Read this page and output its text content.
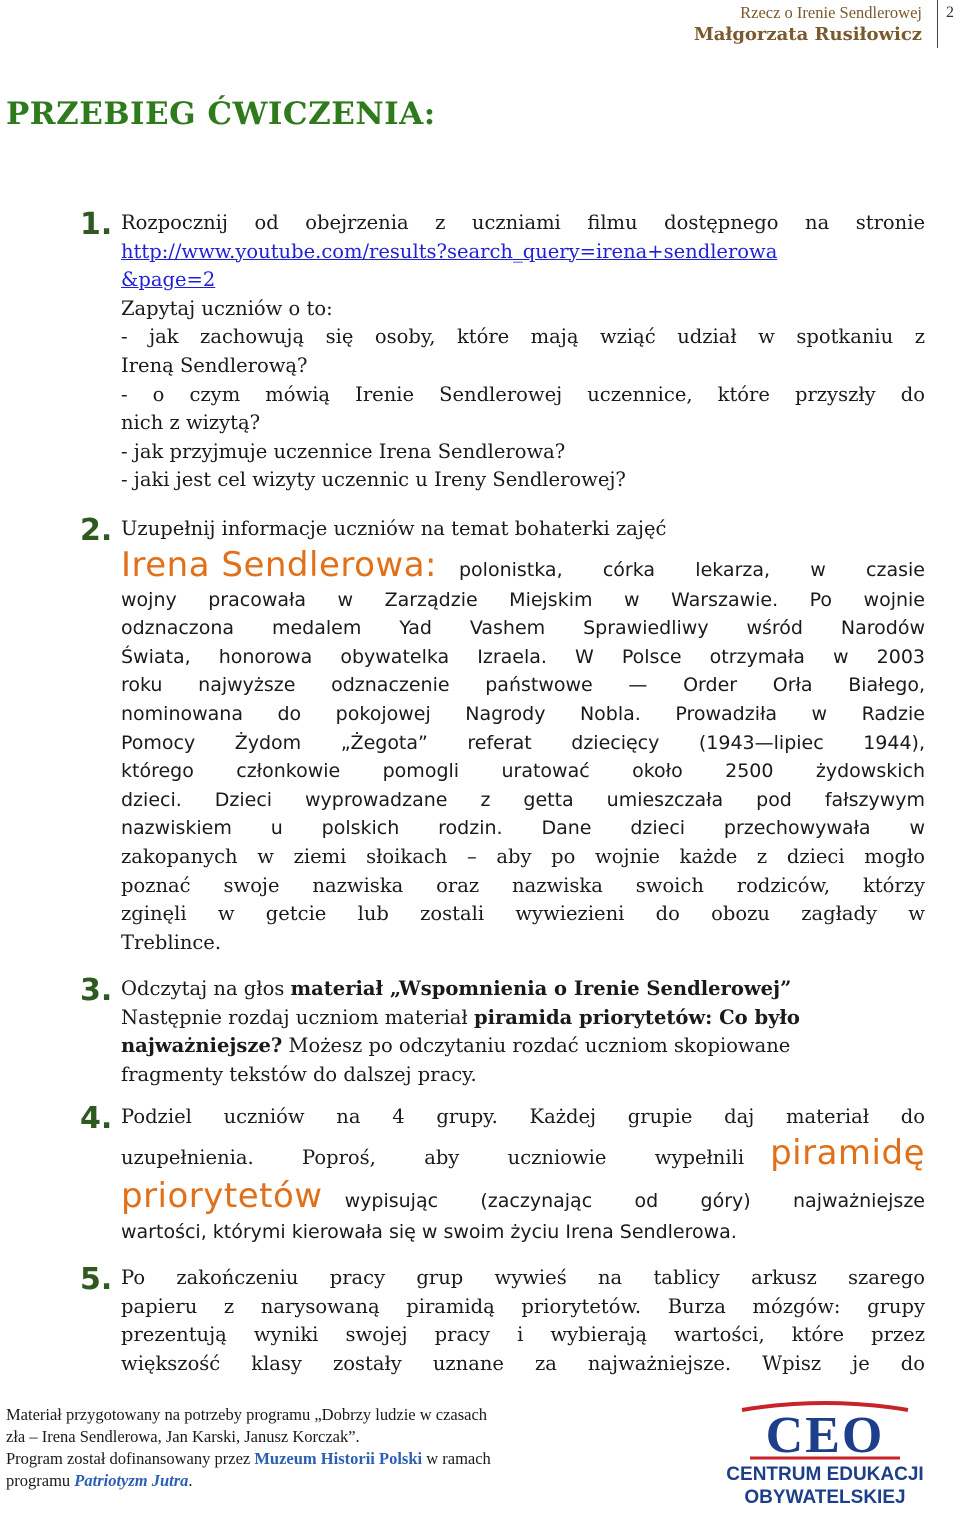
Rzecz o Irenie Sendlerowej
Małgorzata Rusiłowicz
2
PRZEBIEG ĆWICZENIA:
1. Rozpocznij od obejrzenia z uczniami filmu dostępnego na stronie
http://www.youtube.com/results?search_query=irena+sendlerowa
&page=2
Zapytaj uczniów o to:
- jak zachowują się osoby, które mają wziąć udział w spotkaniu z
Ireną Sendlerową?
- o czym mówią Irenie Sendlerowej uczennice, które przyszły do
nich z wizytą?
- jak przyjmuje uczennice Irena Sendlerowa?
- jaki jest cel wizyty uczennic u Ireny Sendlerowej?
2. Uzupełnij informacje uczniów na temat bohaterki zajęć
Irena Sendlerowa: polonistka, córka lekarza, w czasie
wojny pracowała w Zarządzie Miejskim w Warszawie. Po wojnie
odznaczona medalem Yad Vashem Sprawiedliwy wśród Narodów
Świata, honorowa obywatelka Izraela. W Polsce otrzymała w 2003
roku najwyższe odznaczenie państwowe — Order Orła Białego,
nominowana do pokojowej Nagrody Nobla. Prowadziła w Radzie
Pomocy Żydom „Żegota” referat dziecięcy (1943—lipiec 1944),
którego członkowie pomogli uratować około 2500 żydowskich
dzieci. Dzieci wyprowadzane z getta umieszczała pod fałszywym
nazwiskiem u polskich rodzin. Dane dzieci przechowywała w
zakopanych w ziemi słoikach – aby po wojnie każde z dzieci mogło
poznać swoje nazwiska oraz nazwiska swoich rodziców, którzy
zginęli w getcie lub zostali wywiezieni do obozu zagłady w
Treblince.
3. Odczytaj na głos materiał „Wspomnienia o Irenie Sendlerowej”
Następnie rozdaj uczniom materiał piramida priorytetów: Co było
najważniejsze? Możesz po odczytaniu rozdać uczniom skopiowane
fragmenty tekstów do dalszej pracy.
4. Podziel uczniów na 4 grupy. Każdej grupie daj materiał do
uzupełnienia. Poproś, aby uczniowie wypełnili piramidę
priorytetów wypisując (zaczynając od góry) najważniejsze
wartości, którymi kierowała się w swoim życiu Irena Sendlerowa.
5. Po zakończeniu pracy grup wywieś na tablicy arkusz szarego
papieru z narysowaną piramidą priorytetów. Burza mózgów: grupy
prezentują wyniki swojej pracy i wybierają wartości, które przez
większość klasy zostały uznane za najważniejsze. Wpisz je do
Materiał przygotowany na potrzeby programu „Dobrzy ludzie w czasach
zła – Irena Sendlerowa, Jan Karski, Janusz Korczak”.
Program został dofinansowany przez Muzeum Historii Polski w ramach
programu Patriotyzm Jutra.
CEO
CENTRUM EDUKACJI
OBYWATELSKIEJ
